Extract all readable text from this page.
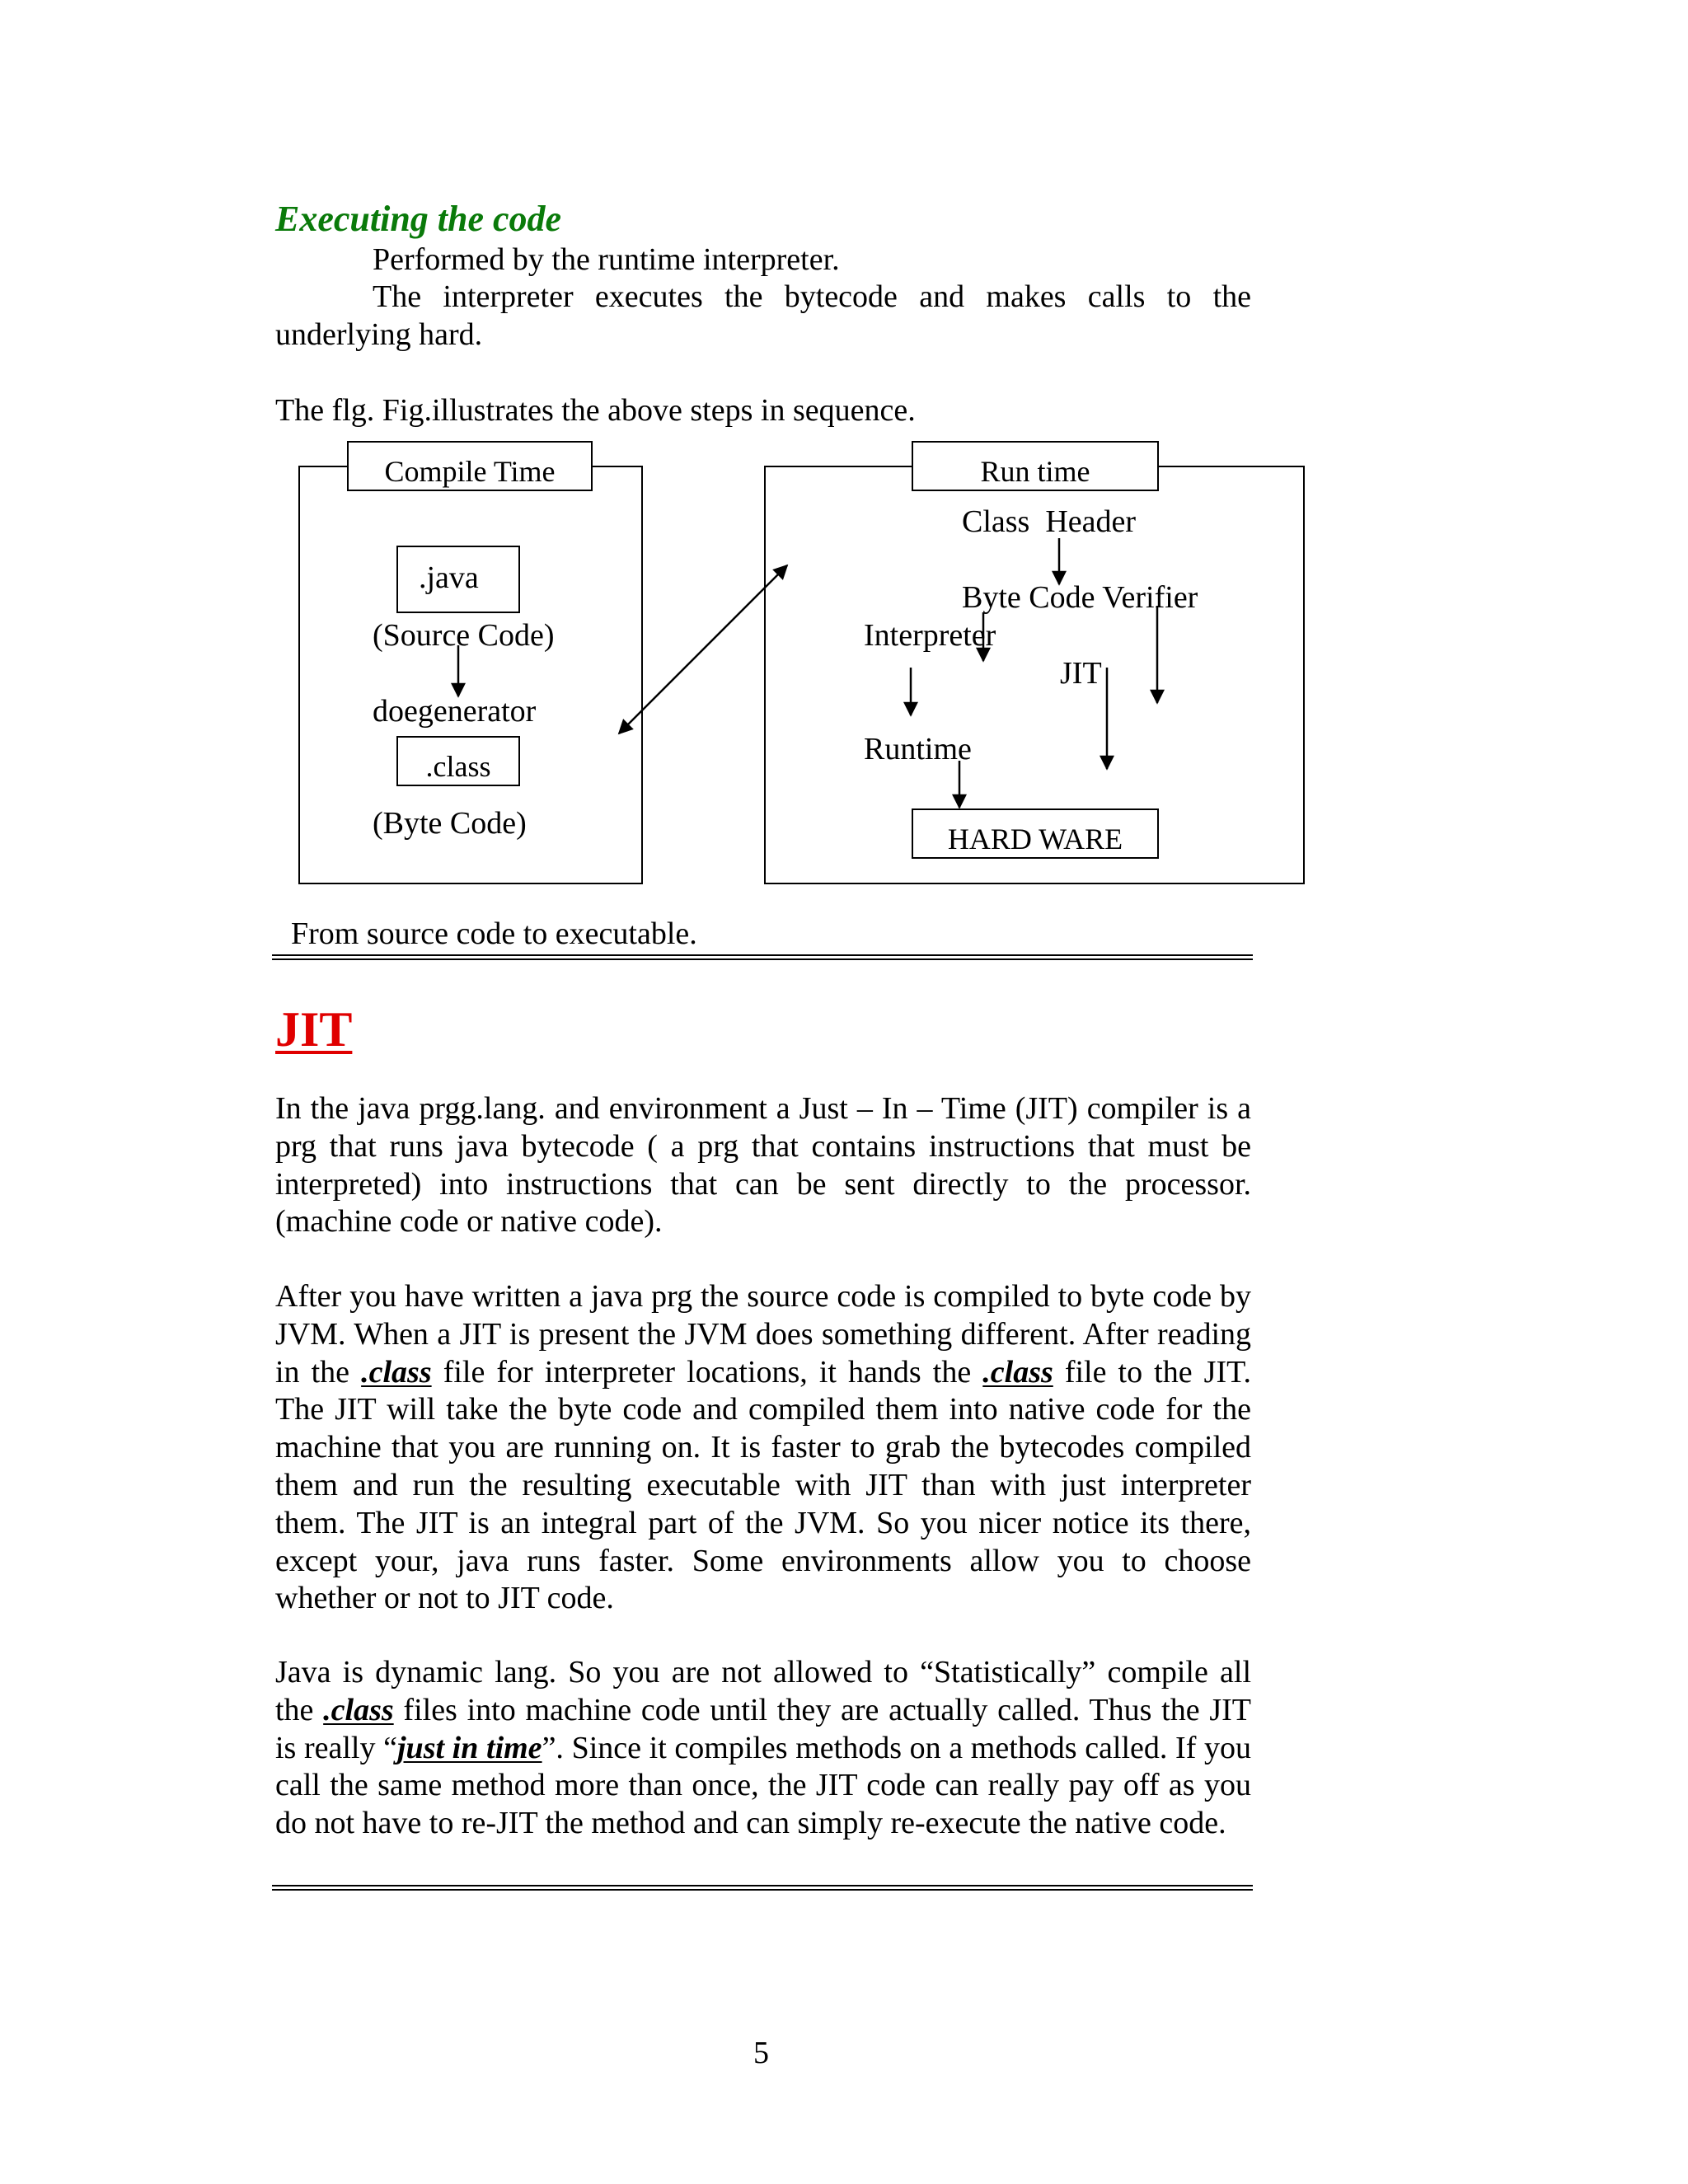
Executing the code
Performed by the runtime interpreter.

The interpreter executes the bytecode and makes calls to the underlying hard.

The flg. Fig.illustrates the above steps in sequence.
Compile Time
.java
(Source Code)
doegenerator
.class
(Byte Code)
Run time
Class  Header
Byte Code Verifier
Interpreter
JIT
Runtime
HARD WARE
From source code to executable.
JIT

In the java prgg.lang. and environment a Just – In – Time (JIT) compiler is a prg that runs java bytecode ( a prg that contains instructions that must be interpreted) into instructions that can be sent directly to the processor. (machine code or native code).

After you have written a java prg the source code is compiled to byte code by JVM. When a JIT is present the JVM does something different. After reading in the .class file for interpreter locations, it hands the .class file to the JIT. The JIT will take the byte code and compiled them into native code for the machine that you are running on. It is faster to grab the bytecodes compiled them and run the resulting executable with JIT than with just interpreter them. The JIT is an integral part of the JVM. So you nicer notice its there, except your, java runs faster. Some environments allow you to choose whether or not to JIT code.

Java is dynamic lang. So you are not allowed to “Statistically” compile all the .class files into machine code until they are actually called. Thus the JIT is really “just in time”. Since it compiles methods on a methods called. If you call the same method more than once, the JIT code can really pay off as you do not have to re-JIT the method and can simply re-execute the native code.

5
